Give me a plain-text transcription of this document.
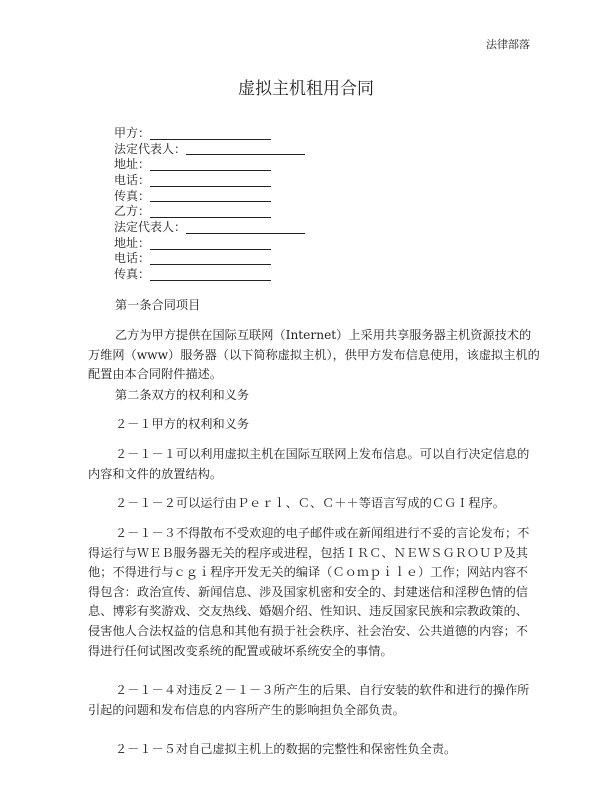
法律部落
虚拟主机租用合同
甲方：
法定代表人：
地址：
电话：
传真：
乙方：
法定代表人：
地址：
电话：
传真：
第一条合同项目
乙方为甲方提供在国际互联网（Internet）上采用共享服务器主机资源技术的
万维网（www）服务器（以下简称虚拟主机），供甲方发布信息使用，该虚拟主机的
配置由本合同附件描述。
第二条双方的权利和义务
２－１甲方的权利和义务
２－１－１可以利用虚拟主机在国际互联网上发布信息。可以自行决定信息的
内容和文件的放置结构。
２－１－２可以运行由Ｐｅｒｌ、Ｃ、Ｃ＋＋等语言写成的ＣＧＩ程序。
２－１－３不得散布不受欢迎的电子邮件或在新闻组进行不妥的言论发布；不
得运行与ＷＥＢ服务器无关的程序或进程，包括ＩＲＣ、ＮＥＷＳＧＲＯＵＰ及其
他；不得进行与ｃｇｉ程序开发无关的编译（Ｃｏｍｐｉｌｅ）工作；网站内容不
得包含：政治宣传、新闻信息、涉及国家机密和安全的、封建迷信和淫秽色情的信
息、博彩有奖游戏、交友热线、婚姻介绍、性知识、违反国家民族和宗教政策的、
侵害他人合法权益的信息和其他有损于社会秩序、社会治安、公共道德的内容；不
得进行任何试图改变系统的配置或破坏系统安全的事情。
２－１－４对违反２－１－３所产生的后果、自行安装的软件和进行的操作所
引起的问题和发布信息的内容所产生的影响担负全部负责。
２－１－５对自己虚拟主机上的数据的完整性和保密性负全责。
